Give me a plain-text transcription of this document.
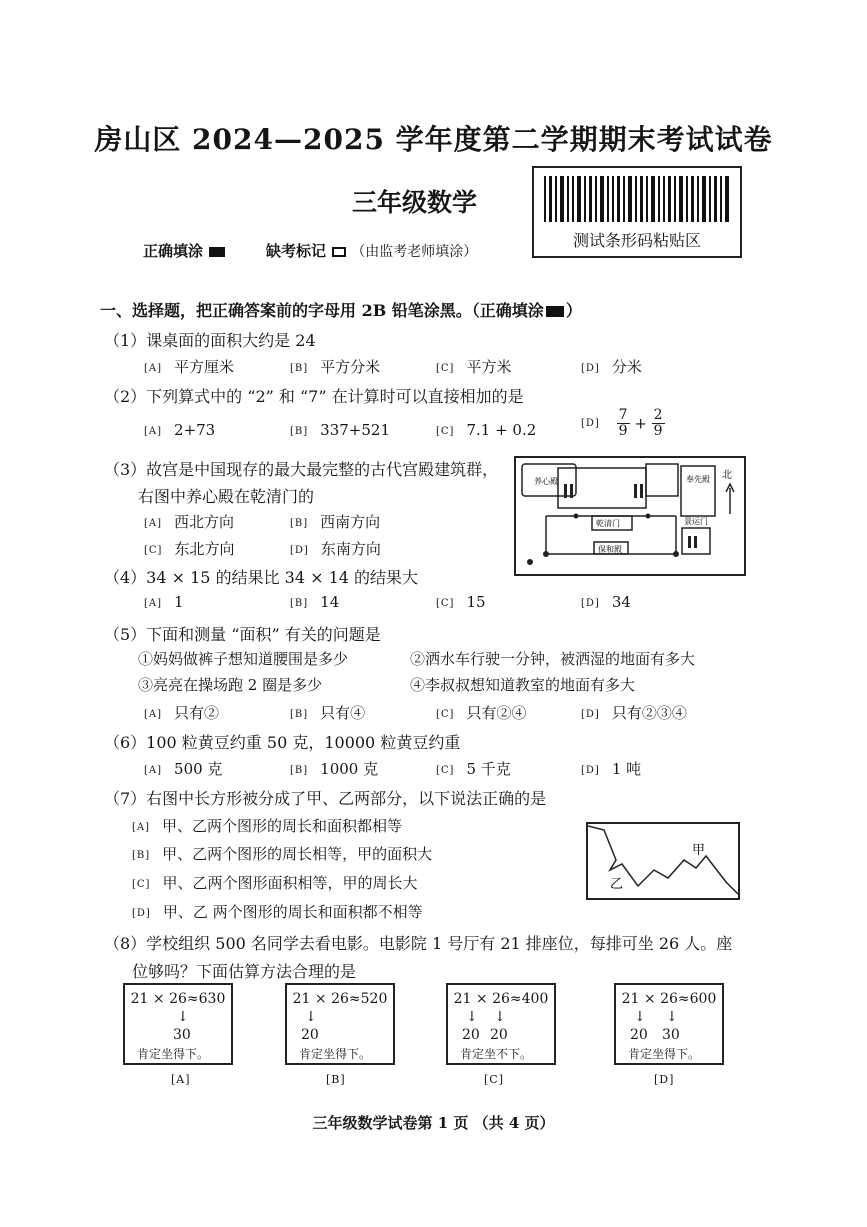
房山区 2024—2025 学年度第二学期期末考试试卷
三年级数学
测试条形码粘贴区
正确填涂	缺考标记 （由监考老师填涂）
一、选择题，把正确答案前的字母用 2B 铅笔涂黑。（正确填涂 ）
（1）课桌面的面积大约是 24
[A] 平方厘米	[B] 平方分米	[C] 平方米	[D] 分米
（2）下列算式中的 “2” 和 “7” 在计算时可以直接相加的是
[A] 2+73	[B] 337+521	[C] 7.1 + 0.2	$[D] \frac{7}{9} + \frac{2}{9}$
（3）故宫是中国现存的最大最完整的古代宫殿建筑群，
右图中养心殿在乾清门的
[A] 西北方向	[B] 西南方向
[C] 东北方向	[D] 东南方向
养心殿
乾清门
奉先殿
景运门
保和殿
北
（4）34 × 15 的结果比 34 × 14 的结果大
[A] 1	[B] 14	[C] 15	[D] 34
（5）下面和测量 “面积” 有关的问题是
①妈妈做裤子想知道腰围是多少	②洒水车行驶一分钟，被洒湿的地面有多大
③亮亮在操场跑 2 圈是多少	④李叔叔想知道教室的地面有多大
[A] 只有②	[B] 只有④	[C] 只有②④	[D] 只有②③④
（6）100 粒黄豆约重 50 克，10000 粒黄豆约重
[A] 500 克	[B] 1000 克	[C] 5 千克	[D] 1 吨
（7）右图中长方形被分成了甲、乙两部分，以下说法正确的是
[A] 甲、乙两个图形的周长和面积都相等
[B] 甲、乙两个图形的周长相等，甲的面积大
[C] 甲、乙两个图形面积相等，甲的周长大
[D] 甲、乙 两个图形的周长和面积都不相等
甲
乙
（8）学校组织 500 名同学去看电影。电影院 1 号厅有 21 排座位，每排可坐 26 人。座
位够吗？下面估算方法合理的是
21 × 26≈630
↓
30
肯定坐得下。
[A]
21 × 26≈520
↓
20
肯定坐得下。
[B]
21 × 26≈400
↓ ↓
20 20
肯定坐不下。
[C]
21 × 26≈600
↓ ↓
20 30
肯定坐得下。
[D]
三年级数学试卷第 1 页 （共 4 页）
